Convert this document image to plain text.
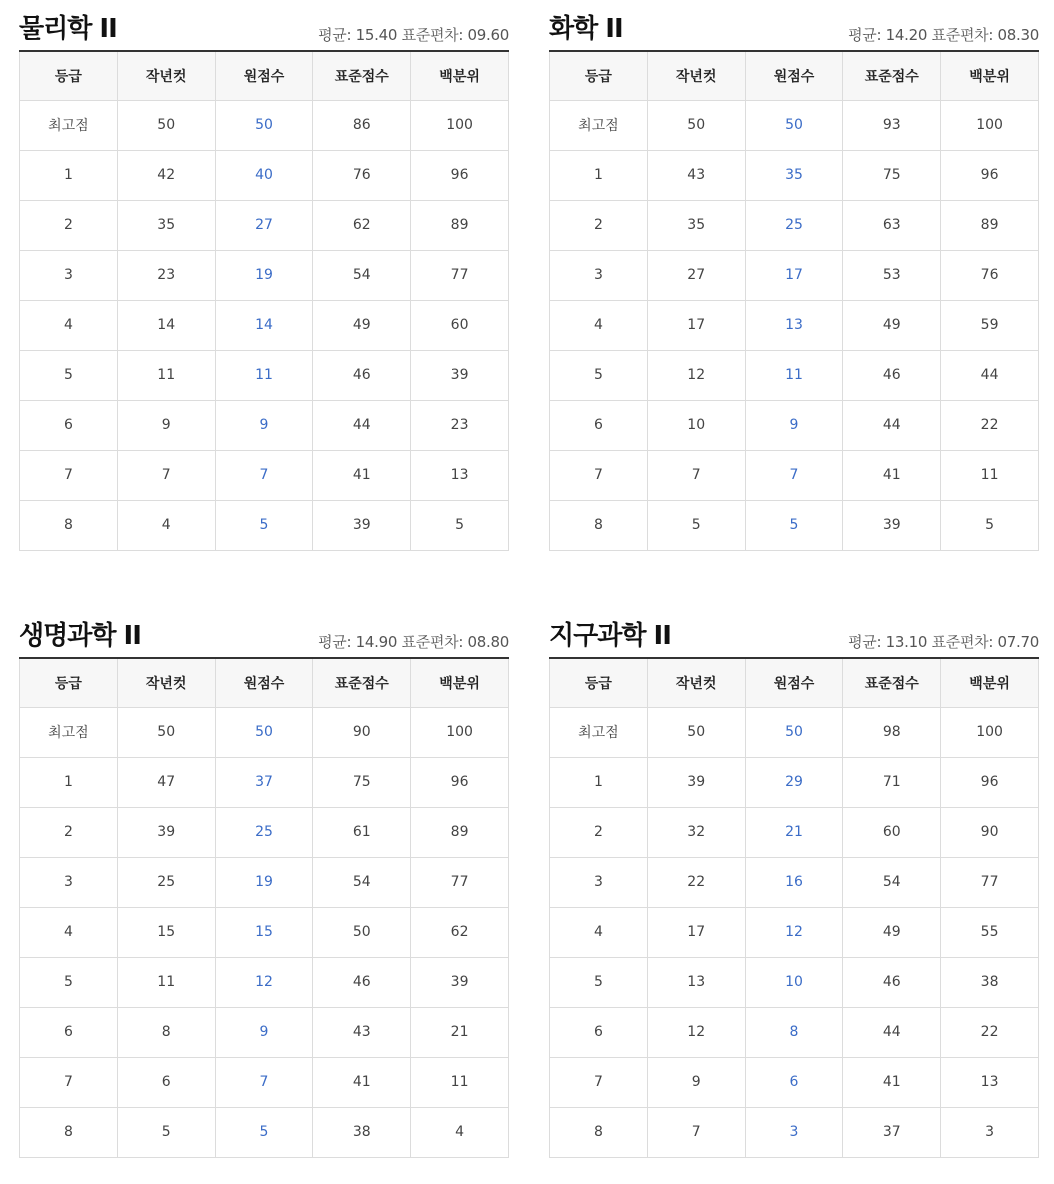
물리학 II	평균: 15.40 표준편차: 09.60
등급	작년컷	원점수	표준점수	백분위
최고점	50	50	86	100
1	42	40	76	96
2	35	27	62	89
3	23	19	54	77
4	14	14	49	60
5	11	11	46	39
6	9	9	44	23
7	7	7	41	13
8	4	5	39	5
화학 II	평균: 14.20 표준편차: 08.30
등급	작년컷	원점수	표준점수	백분위
최고점	50	50	93	100
1	43	35	75	96
2	35	25	63	89
3	27	17	53	76
4	17	13	49	59
5	12	11	46	44
6	10	9	44	22
7	7	7	41	11
8	5	5	39	5
생명과학 II	평균: 14.90 표준편차: 08.80
등급	작년컷	원점수	표준점수	백분위
최고점	50	50	90	100
1	47	37	75	96
2	39	25	61	89
3	25	19	54	77
4	15	15	50	62
5	11	12	46	39
6	8	9	43	21
7	6	7	41	11
8	5	5	38	4
지구과학 II	평균: 13.10 표준편차: 07.70
등급	작년컷	원점수	표준점수	백분위
최고점	50	50	98	100
1	39	29	71	96
2	32	21	60	90
3	22	16	54	77
4	17	12	49	55
5	13	10	46	38
6	12	8	44	22
7	9	6	41	13
8	7	3	37	3
